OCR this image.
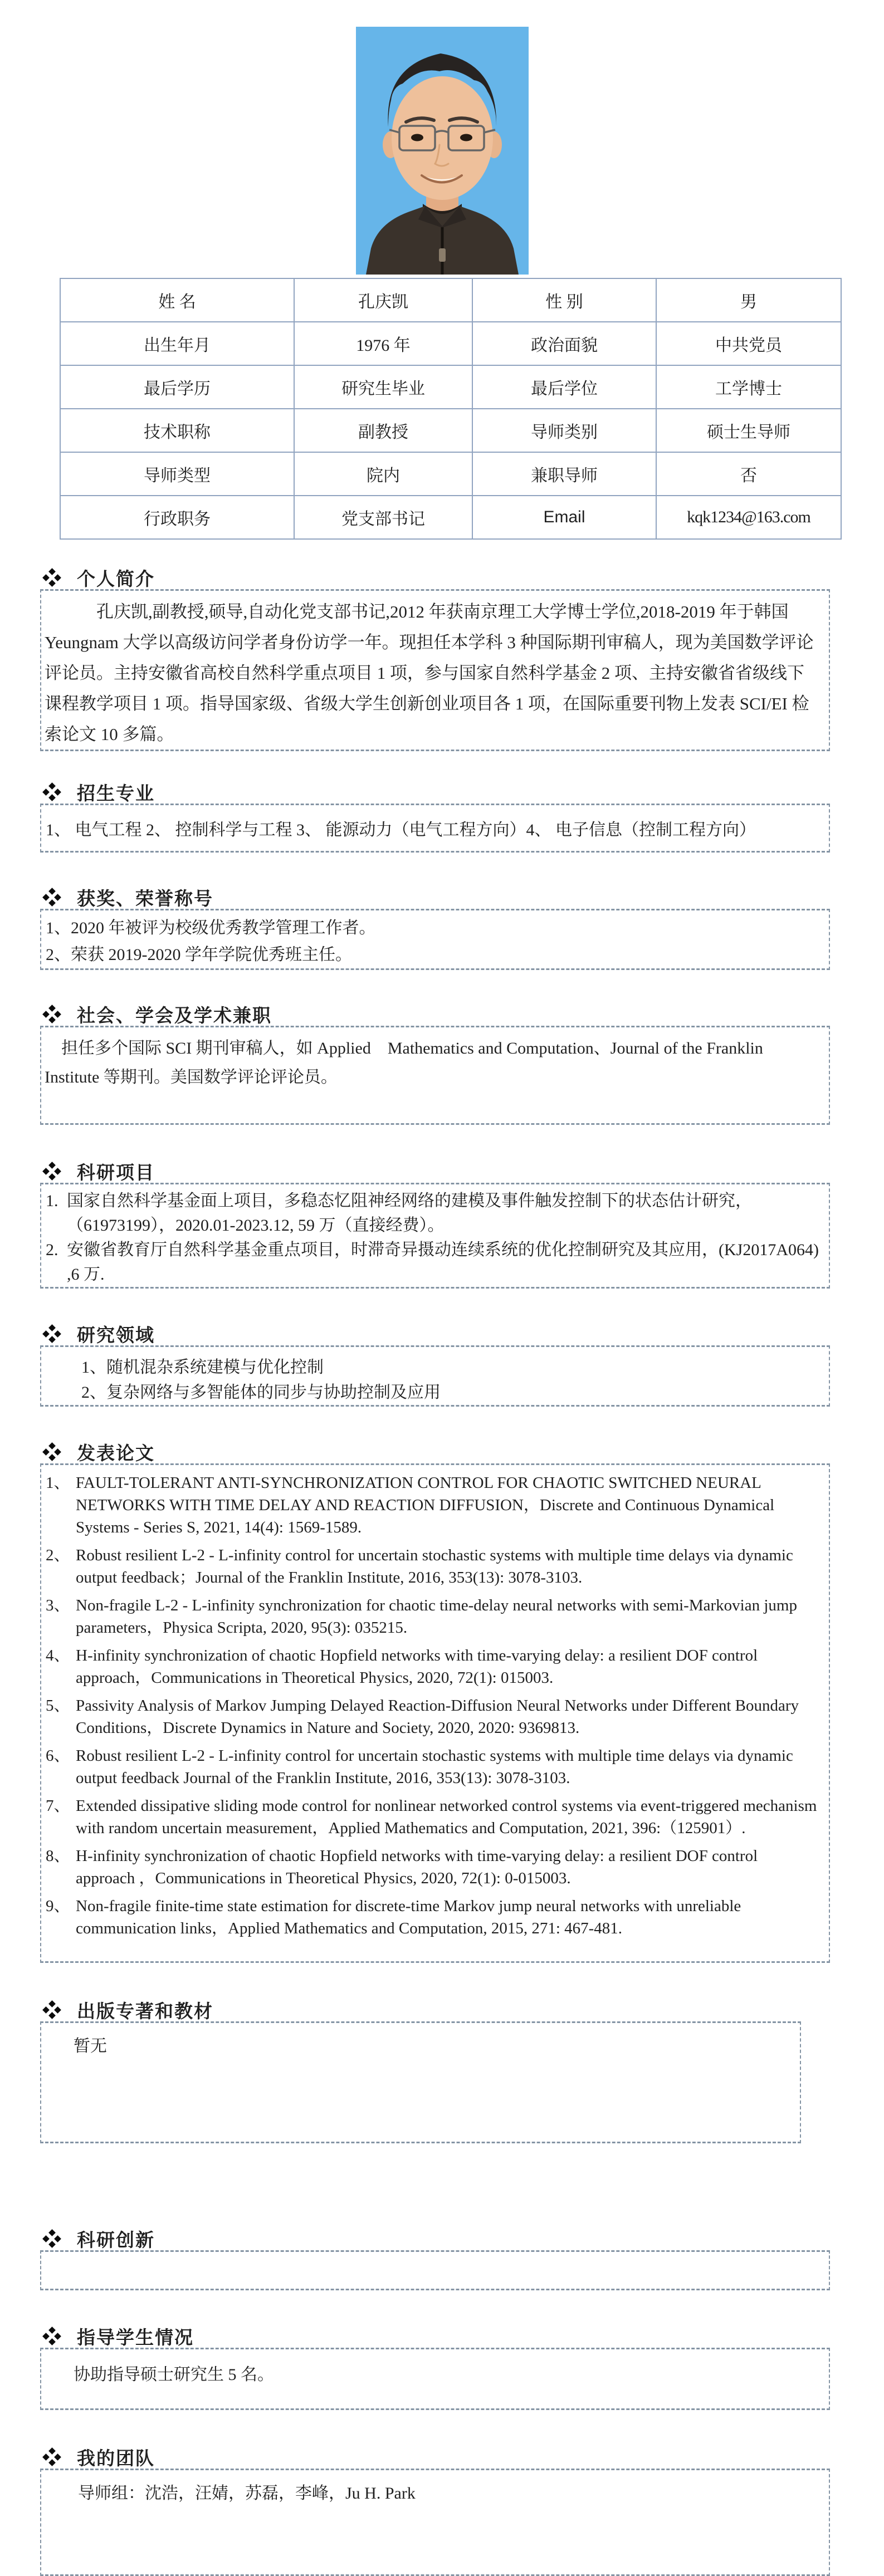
姓 名	孔庆凯	性 别	男
出生年月	1976 年	政治面貌	中共党员
最后学历	研究生毕业	最后学位	工学博士
技术职称	副教授	导师类别	硕士生导师
导师类型	院内	兼职导师	否
行政职务	党支部书记	Email	kqk1234@163.com
个人简介

孔庆凯,副教授,硕导,自动化党支部书记,2012 年获南京理工大学博士学位,2018-2019 年于韩国 Yeungnam 大学以高级访问学者身份访学一年。现担任本学科 3 种国际期刊审稿人，现为美国数学评论评论员。主持安徽省高校自然科学重点项目 1 项，参与国家自然科学基金 2 项、主持安徽省省级线下课程教学项目 1 项。指导国家级、省级大学生创新创业项目各 1 项，在国际重要刊物上发表 SCI/EI 检索论文 10 多篇。

招生专业

1、 电气工程 2、 控制科学与工程 3、 能源动力（电气工程方向）4、 电子信息（控制工程方向）

获奖、荣誉称号

1、2020 年被评为校级优秀教学管理工作者。

2、荣获 2019-2020 学年学院优秀班主任。

社会、学会及学术兼职

担任多个国际 SCI 期刊审稿人，如 Applied　Mathematics and Computation、Journal of the Franklin　Institute 等期刊。美国数学评论评论员。

科研项目
1. 国家自然科学基金面上项目，多稳态忆阻神经网络的建模及事件触发控制下的状态估计研究，（61973199），2020.01-2023.12, 59 万（直接经费）。
2. 安徽省教育厅自然科学基金重点项目，时滞奇异摄动连续系统的优化控制研究及其应用，(KJ2017A064) ,6 万.
研究领域

1、随机混杂系统建模与优化控制

2、复杂网络与多智能体的同步与协助控制及应用

发表论文
1、 FAULT-TOLERANT ANTI-SYNCHRONIZATION CONTROL FOR CHAOTIC SWITCHED NEURAL NETWORKS WITH TIME DELAY AND REACTION DIFFUSION，Discrete and Continuous Dynamical Systems - Series S, 2021, 14(4): 1569-1589.
2、 Robust resilient L-2 - L-infinity control for uncertain stochastic systems with multiple time delays via dynamic output feedback；Journal of the Franklin Institute, 2016, 353(13): 3078-3103.
3、 Non-fragile L-2 - L-infinity synchronization for chaotic time-delay neural networks with semi-Markovian jump parameters，Physica Scripta, 2020, 95(3): 035215.
4、 H-infinity synchronization of chaotic Hopfield networks with time-varying delay: a resilient DOF control approach，Communications in Theoretical Physics, 2020, 72(1): 015003.
5、 Passivity Analysis of Markov Jumping Delayed Reaction-Diffusion Neural Networks under Different Boundary Conditions，Discrete Dynamics in Nature and Society, 2020, 2020: 9369813.
6、 Robust resilient L-2 - L-infinity control for uncertain stochastic systems with multiple time delays via dynamic output feedback Journal of the Franklin Institute, 2016, 353(13): 3078-3103.
7、 Extended dissipative sliding mode control for nonlinear networked control systems via event-triggered mechanism with random uncertain measurement，Applied Mathematics and Computation, 2021, 396:（125901）.
8、 H-infinity synchronization of chaotic Hopfield networks with time-varying delay: a resilient DOF control approach ，Communications in Theoretical Physics, 2020, 72(1): 0-015003.
9、 Non-fragile finite-time state estimation for discrete-time Markov jump neural networks with unreliable communication links，Applied Mathematics and Computation, 2015, 271: 467-481.
出版专著和教材

暂无

科研创新

指导学生情况

协助指导硕士研究生 5 名。

我的团队

导师组：沈浩，汪婧，苏磊，李峰，Ju H. Park
